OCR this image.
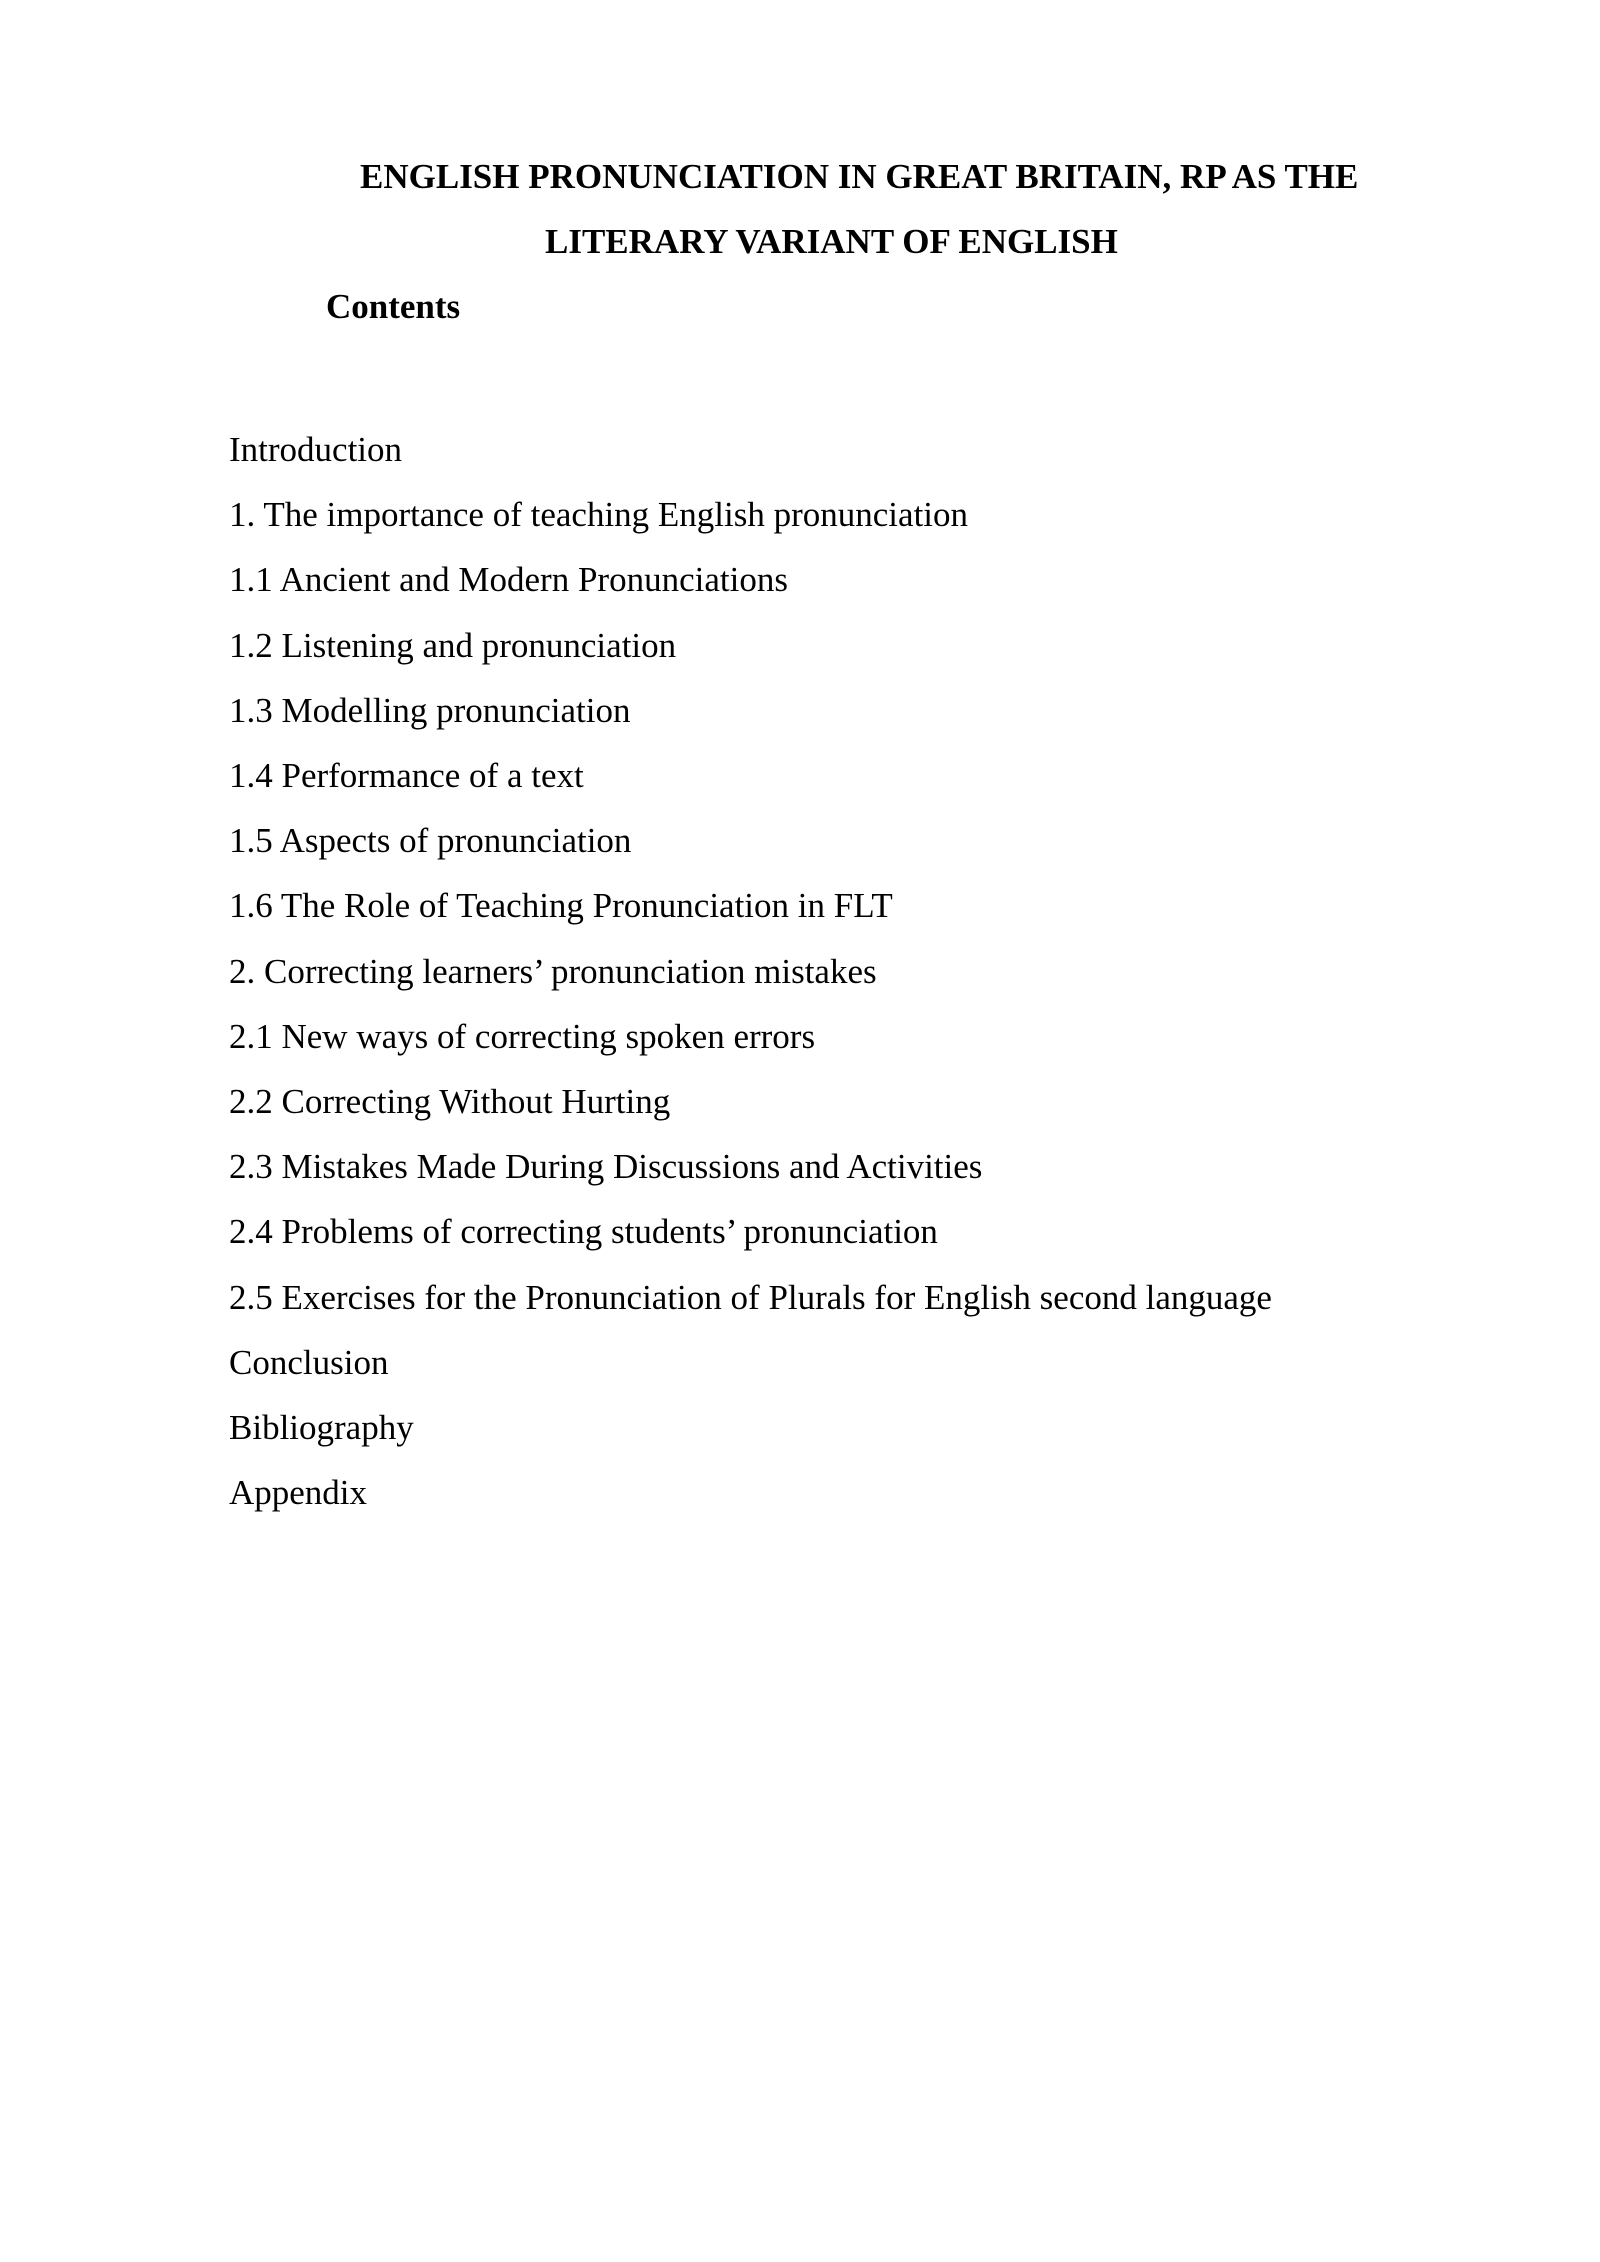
ENGLISH PRONUNCIATION IN GREAT BRITAIN, RP AS THE
LITERARY VARIANT OF ENGLISH
Contents
Introduction
1. The importance of teaching English pronunciation
1.1 Ancient and Modern Pronunciations
1.2 Listening and pronunciation
1.3 Modelling pronunciation
1.4 Performance of a text
1.5 Aspects of pronunciation
1.6 The Role of Teaching Pronunciation in FLT
2. Correcting learners’ pronunciation mistakes
2.1 New ways of correcting spoken errors
2.2 Correcting Without Hurting
2.3 Mistakes Made During Discussions and Activities
2.4 Problems of correcting students’ pronunciation
2.5 Exercises for the Pronunciation of Plurals for English second language
Conclusion
Bibliography
Appendix
